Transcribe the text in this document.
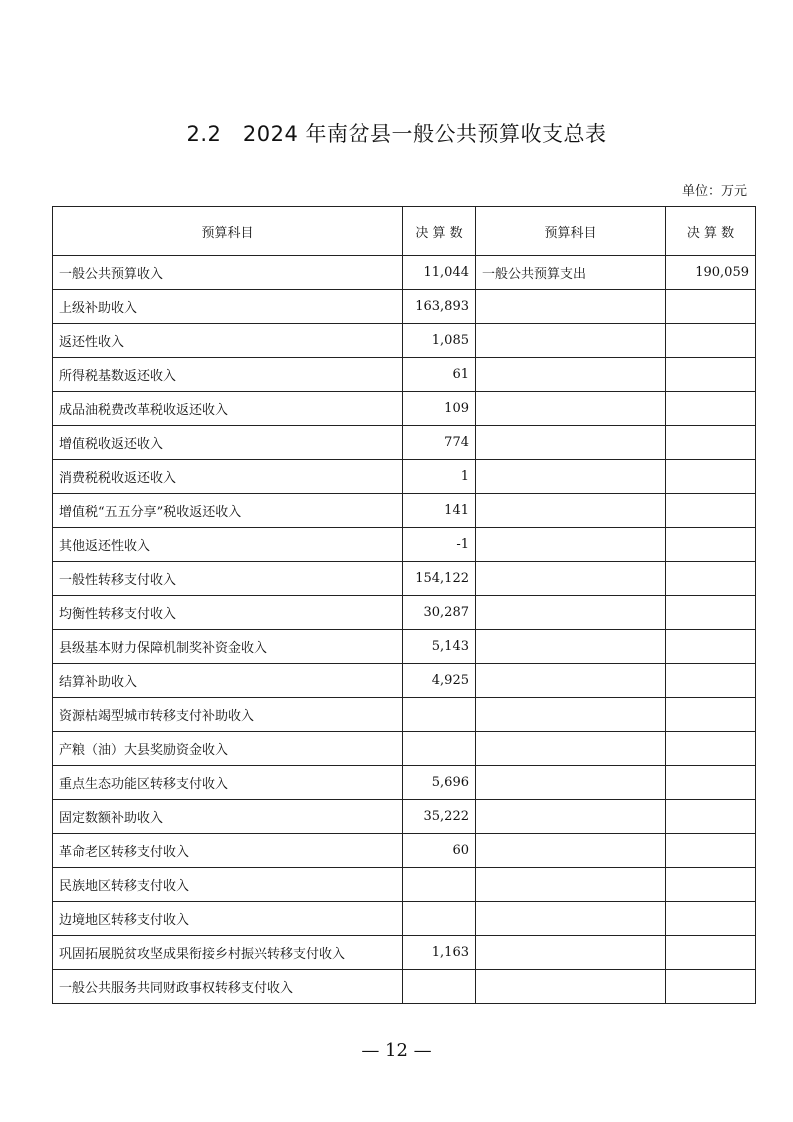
2.2　2024 年南岔县一般公共预算收支总表
单位：万元
预算科目	决 算 数	预算科目	决 算 数
一般公共预算收入	11,044	一般公共预算支出	190,059
上级补助收入	163,893		
返还性收入	1,085		
所得税基数返还收入	61		
成品油税费改革税收返还收入	109		
增值税收返还收入	774		
消费税税收返还收入	1		
增值税“五五分享”税收返还收入	141		
其他返还性收入	-1		
一般性转移支付收入	154,122		
均衡性转移支付收入	30,287		
县级基本财力保障机制奖补资金收入	5,143		
结算补助收入	4,925		
资源枯竭型城市转移支付补助收入			
产粮（油）大县奖励资金收入			
重点生态功能区转移支付收入	5,696		
固定数额补助收入	35,222		
革命老区转移支付收入	60		
民族地区转移支付收入			
边境地区转移支付收入			
巩固拓展脱贫攻坚成果衔接乡村振兴转移支付收入	1,163		
一般公共服务共同财政事权转移支付收入			
— 12 —
